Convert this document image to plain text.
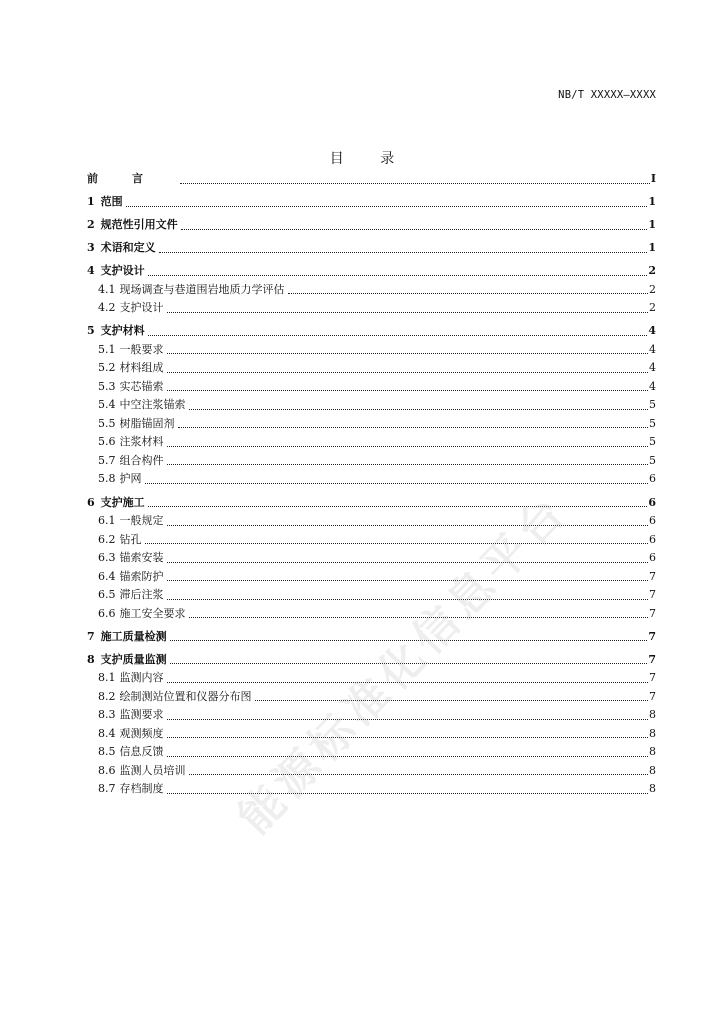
NB/T XXXXX—XXXX
目 录
前言	I
1 范围	1
2 规范性引用文件	1
3 术语和定义	1
4 支护设计	2
4.1 现场调查与巷道围岩地质力学评估	2
4.2 支护设计	2
5 支护材料	4
5.1 一般要求	4
5.2 材料组成	4
5.3 实芯锚索	4
5.4 中空注浆锚索	5
5.5 树脂锚固剂	5
5.6 注浆材料	5
5.7 组合构件	5
5.8 护网	6
6 支护施工	6
6.1 一般规定	6
6.2 钻孔	6
6.3 锚索安装	6
6.4 锚索防护	7
6.5 滞后注浆	7
6.6 施工安全要求	7
7 施工质量检测	7
8 支护质量监测	7
8.1 监测内容	7
8.2 绘制测站位置和仪器分布图	7
8.3 监测要求	8
8.4 观测频度	8
8.5 信息反馈	8
8.6 监测人员培训	8
8.7 存档制度	8
能源标准化信息平台
